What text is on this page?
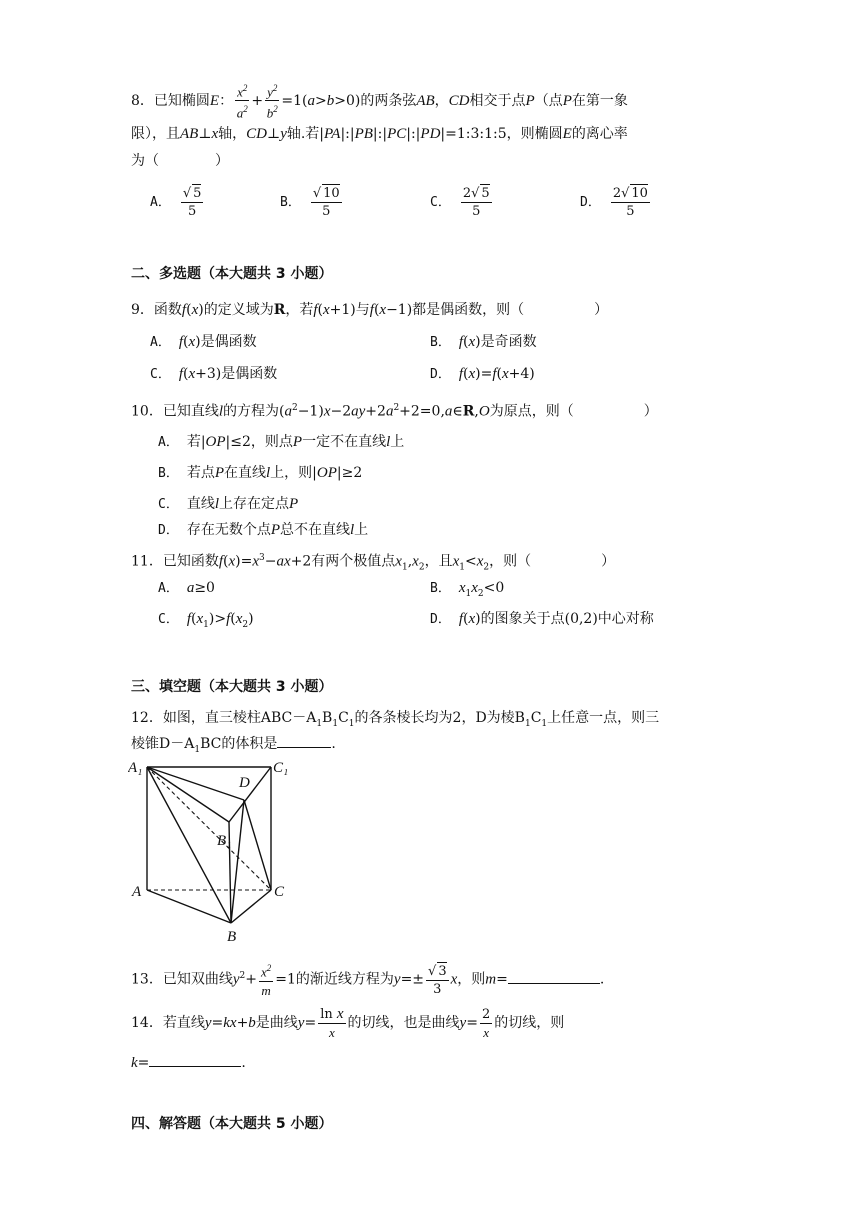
8．已知椭圆E： $\frac{x^2}{a^2} + \frac{y^2}{b^2} =1(a>b>0)$的两条弦AB，CD相交于点P（点P在第一象
限），且AB⊥x轴，CD⊥y轴.若|PA|:|PB|:|PC|:|PD|=1:3:1:5，则椭圆E的离心率
为（　　　　）
A． $\frac{√ 5}{5}$	B． $\frac{√ 10}{5}$	C． $\frac{2√ 5}{5}$	D． $\frac{2√ 10}{5}$
二、多选题（本大题共 3 小题）
9．函数f(x)的定义域为R，若f(x+1)与f(x−1)都是偶函数，则（　　　　　）
A． f(x)是偶函数	B． f(x)是奇函数
C． f(x+3)是偶函数	D． f(x)=f(x+4)
10．已知直线l的方程为$(a^2-1)x-2ay+2a^2+2=0,a\in R,O$为原点，则（　　　　　）
A． 若|OP|≤2，则点P一定不在直线l上
B． 若点P在直线l上，则|OP|≥2
C． 直线l上存在定点P
D． 存在无数个点P总不在直线l上
11．已知函数$f(x)=x^3-ax+2$有两个极值点$x_1,x_2$，且$x_1<x_2$，则（　　　　　）
A． a≥0	B． $x_1x_2<0$
C． $f(x_1)>f(x_2)$	D． f(x)的图象关于点(0,2)中心对称
三、填空题（本大题共 3 小题）
12．如图，直三棱柱$ABC-A_1B_1C_1$的各条棱长均为2，D为棱$B_1C_1$上任意一点，则三
棱锥$D-A_1BC$的体积是	.
A₁	C₁
D
B₁
A	C
B
13．已知双曲线$y^2+ \frac{x^2}{m} =1$的渐近线方程为$y=\pm \frac{√ 3}{3}$ x，则m=	.
14．若直线y=kx+b是曲线$y= \frac{\text{ln x}}{x}$ 的切线，也是曲线$y= \frac{2}{x}$ 的切线，则
k=	.
四、解答题（本大题共 5 小题）
